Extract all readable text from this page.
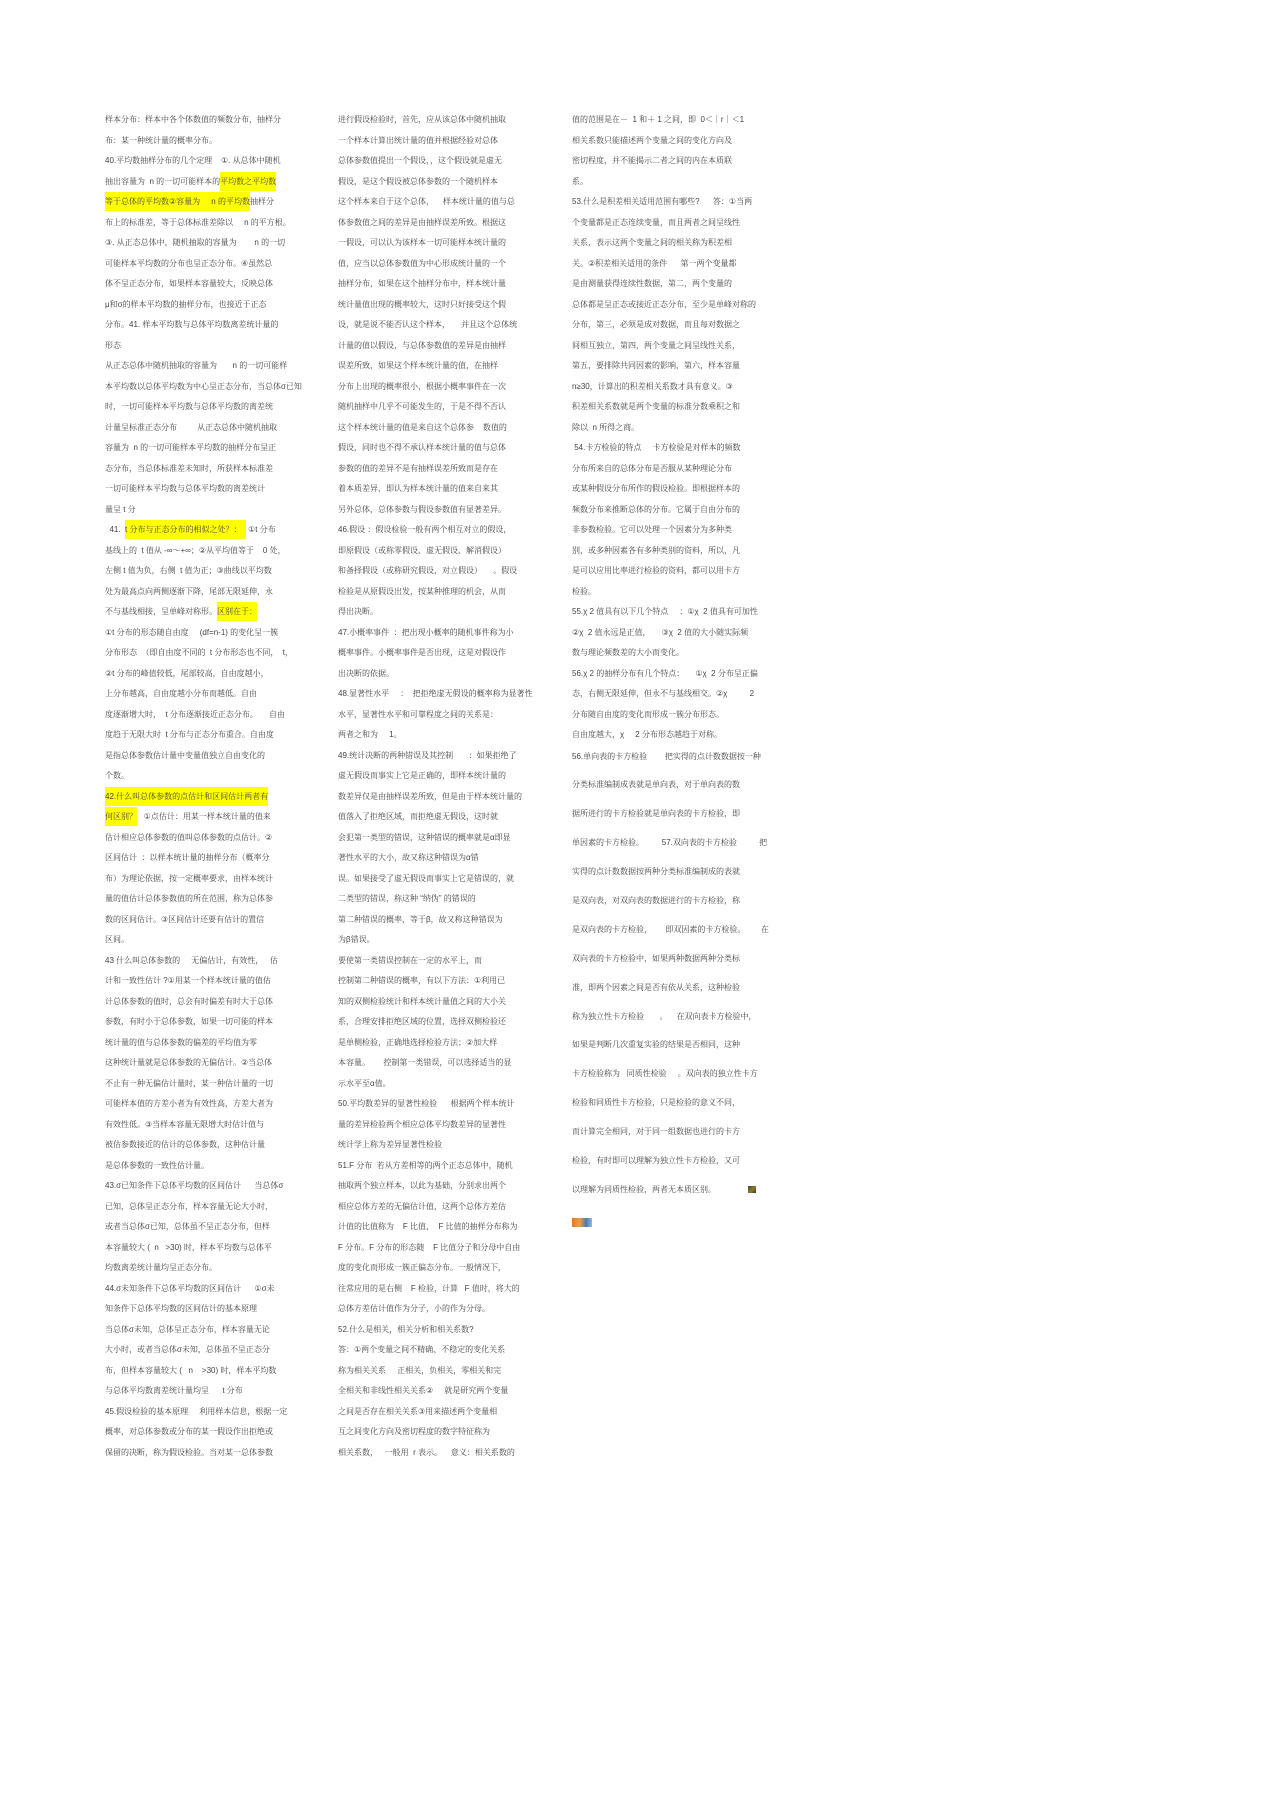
样本分布：样本中各个体数值的频数分布，抽样分
布：某一种统计量的概率分布。
40.平均数抽样分布的几个定理    ①. 从总体中随机
抽出容量为  n 的一切可能样本的平均数之平均数
等于总体的平均数②容量为     n 的平均数抽样分
布上的标准差，等于总体标准差除以     n 的平方根。
③. 从正态总体中，随机抽取的容量为        n 的一切
可能样本平均数的分布也呈正态分布。④虽然总
体不呈正态分布，如果样本容量较大，反映总体
μ和σ的样本平均数的抽样分布，也接近于正态
分布。41. 样本平均数与总体平均数离差统计量的
形态
从正态总体中随机抽取的容量为       n 的一切可能样
本平均数以总体平均数为中心呈正态分布，当总体σ已知
时，一切可能样本平均数与总体平均数的离差统
计量呈标准正态分布         从正态总体中随机抽取
容量为  n 的一切可能样本平均数的抽样分布呈正
态分布，当总体标准差未知时，所获样本标准差
一切可能样本平均数与总体平均数的离差统计
量呈 t 分
41.  t 分布与正态分布的相似之处？：   ①t 分布
基线上的  t 值从 -∞～+∞；②从平均值等于    0 处，
左侧 t 值为负，右侧  t 值为正；③曲线以平均数
处为最高点向两侧逐渐下降，尾部无限延伸，永
不与基线相接，呈单峰对称形。区别在于：
①t 分布的形态随自由度     (df=n-1) 的变化呈一簇
分布形态  （即自由度不同的  t 分布形态也不同，  t，
②t 分布的峰值较低，尾部较高，自由度越小，
上分布越高，自由度越小分布而越低。自由
度逐渐增大时，  t 分布逐渐接近正态分布。     自由
度趋于无限大时  t 分布与正态分布重合。自由度
是指总体参数估计量中变量值独立自由变化的
个数。
42.什么叫总体参数的点估计和区间估计两者有
何区别？   ①点估计：用某一样本统计量的值来
估计相应总体参数的值叫总体参数的点估计。②
区间估计  ：以样本统计量的抽样分布（概率分
布）为理论依据，按一定概率要求，由样本统计
量的值估计总体参数值的所在范围，称为总体参
数的区间估计。③区间估计还要有估计的置信
区间。
43 什么叫总体参数的     无偏估计，有效性，   估
计和一致性估计 ?①用某一个样本统计量的值估
计总体参数的值时，总会有时偏差有时大于总体
参数，有时小于总体参数，如果一切可能的样本
统计量的值与总体参数的偏差的平均值为零
这种统计量就是总体参数的无偏估计。②当总体
不止有一种无偏估计量时，某一种估计量的一切
可能样本值的方差小者为有效性高，方差大者为
有效性低。③当样本容量无限增大时估计值与
被估参数接近的估计的总体参数，这种估计量
是总体参数的一致性估计量。
43.σ已知条件下总体平均数的区间估计      当总体σ
已知，总体呈正态分布，样本容量无论大小时，
或者当总体σ已知，总体虽不呈正态分布，但样
本容量较大 (  n   >30) 时，样本平均数与总体平
均数离差统计量均呈正态分布。
44.σ未知条件下总体平均数的区间估计      ①σ未
知条件下总体平均数的区间估计的基本原理
当总体σ未知，总体呈正态分布，样本容量无论
大小时，或者当总体σ未知，总体虽不呈正态分
布，但样本容量较大 (   n    >30) 时，样本平均数
与总体平均数离差统计量均呈      t 分布
45.假设检验的基本原理     利用样本信息，根据一定
概率，对总体参数或分布的某一假设作出拒绝或
保留的决断，称为假设检验。当对某一总体参数
进行假设检验时，首先，应从该总体中随机抽取
一个样本计算出统计量的值并根据经验对总体
总体参数值提出一个假设，，这个假设就是虚无
假设，是这个假设被总体参数的一个随机样本
这个样本来自于这个总体，    样本统计量的值与总
体参数值之间的差异是由抽样误差所致。根据这
一假设，可以认为该样本一切可能样本统计量的
值，应当以总体参数值为中心形成统计量的一个
抽样分布，如果在这个抽样分布中，样本统计量
统计量值出现的概率较大，这时只好接受这个假
设，就是说不能否认这个样本，     并且这个总体统
计量的值以假设，与总体参数值的差异是由抽样
误差所致，如果这个样本统计量的值，在抽样
分布上出现的概率很小，根据小概率事件在一次
随机抽样中几乎不可能发生的，于是不得不否认
这个样本统计量的值是来自这个总体参    数值的
假设，同时也不得不承认样本统计量的值与总体
参数的值的差异不是有抽样误差所致而是存在
着本质差异，即认为样本统计量的值来自来其
另外总体，总体参数与假设参数值有显著差异。
46.假设 ：假设检验一般有两个相互对立的假设，
即原假设（或称零假设、虚无假设、解消假设）
和备择假设（或称研究假设，对立假设）     。假设
检验是从原假设出发，按某种推理的机会，从而
得出决断。
47.小概率事件  ：把出现小概率的随机事件称为小
概率事件。小概率事件是否出现，这是对假设作
出决断的依据。
48.显著性水平     ：  把拒绝虚无假设的概率称为显著性
水平，显著性水平和可靠程度之间的关系是：
两者之和为     1。
49.统计决断的两种错误及其控制       ：如果拒绝了
虚无假设而事实上它是正确的，即样本统计量的
数差异仅是由抽样误差所致，但是由于样本统计量的
值落入了拒绝区域，而拒绝虚无假设，这时就
会犯第一类型的错误，这种错误的概率就是α即显
著性水平的大小，故又称这种错误为α错
误。如果接受了虚无假设而事实上它是错误的，就
二类型的错误，称这种 “纳伪” 的错误的
第二种错误的概率，等于β，故又称这种错误为
为β错误。
要使第一类错误控制在一定的水平上，而
控制第二种错误的概率，有以下方法：①利用已
知的双侧检验统计和样本统计量值之间的大小关
系，合理安排拒绝区域的位置，选择双侧检验还
是单侧检验，正确地选择检验方法；②加大样
本容量。      控制第一类错误，可以选择适当的显
示水平至α值。
50.平均数差异的显著性检验      根据两个样本统计
量的差异检验两个相应总体平均数差异的显著性
统计学上称为差异显著性检验
51.F 分布  若从方差相等的两个正态总体中，随机
抽取两个独立样本，以此为基础，分别求出两个
相应总体方差的无偏估计值，这两个总体方差估
计值的比值称为    F 比值，  F 比值的抽样分布称为
F 分布。F 分布的形态随    F 比值分子和分母中自由
度的变化而形成一簇正偏态分布。一般情况下，
往常应用的是右侧    F 检验，计算   F 值时，将大的
总体方差估计值作为分子，小的作为分母。
52.什么是相关，相关分析和相关系数?
答：①两个变量之间不精确、不稳定的变化关系
称为相关关系     正相关，负相关，零相关和完
全相关和非线性相关关系②     就是研究两个变量
之间是否存在相关关系③用来描述两个变量相
互之间变化方向及密切程度的数字特征称为
相关系数，   一般用  r 表示。    意义：相关系数的
值的范围是在－  1 和＋ 1 之间，即  0＜｜r｜＜1
相关系数只能描述两个变量之间的变化方向及
密切程度，并不能揭示二者之间的内在本质联
系。
53.什么是积差相关适用范围有哪些?      答：①当两
个变量都是正态连续变量，而且两者之间呈线性
关系，表示这两个变量之间的相关称为积差相
关。②积差相关适用的条件      第一两个变量都
是由测量获得连续性数据，第二，两个变量的
总体都是呈正态或接近正态分布，至少是单峰对称的
分布，第三，必须是成对数据，而且每对数据之
间相互独立，第四，两个变量之间呈线性关系，
第五，要排除共同因素的影响，第六，样本容量
n≥30，计算出的积差相关系数才具有意义。③
积差相关系数就是两个变量的标准分数乘积之和
除以  n 所得之商。
54.卡方检验的特点     卡方检验是对样本的频数
分布所来自的总体分布是否服从某种理论分布
或某种假设分布所作的假设检验。即根据样本的
频数分布来推断总体的分布。它属于自由分布的
非参数检验。它可以处理一个因素分为多种类
别，或多种因素各有多种类别的资料，所以，凡
是可以应用比率进行检验的资料，都可以用卡方
检验。
55.χ 2 值具有以下几个特点     ：①χ  2 值具有可加性
②χ  2 值永远是正值，     ③χ  2 值的大小随实际频
数与理论频数差的大小而变化。
56.χ 2 的抽样分布有几个特点：     ①χ  2 分布呈正偏
态，右侧无限延伸，但永不与基线相交。②χ          2
分布随自由度的变化而形成一簇分布形态。
自由度越大，χ     2 分布形态越趋于对称。
56.单向表的卡方检验        把实得的点计数数据按一种
分类标准编制成表就是单向表，对于单向表的数
据所进行的卡方检验就是单向表的卡方检验，即
单因素的卡方检验。        57.双向表的卡方检验          把
实得的点计数数据按两种分类标准编制成的表就
是双向表，对双向表的数据进行的卡方检验，称
是双向表的卡方检验，      即双因素的卡方检验。       在
双向表的卡方检验中，如果两种数据两种分类标
准，即两个因素之间是否有依从关系，这种检验
称为独立性卡方检验       。    在双向表卡方检验中，
如果是判断几次重复实验的结果是否相同，这种
卡方检验称为   同质性检验     。双向表的独立性卡方
检验和同质性卡方检验，只是检验的意义不同，
而计算完全相同，对于同一组数据也进行的卡方
检验，有时即可以理解为独立性卡方检验，又可
以理解为同质性检验，两者无本质区别。
